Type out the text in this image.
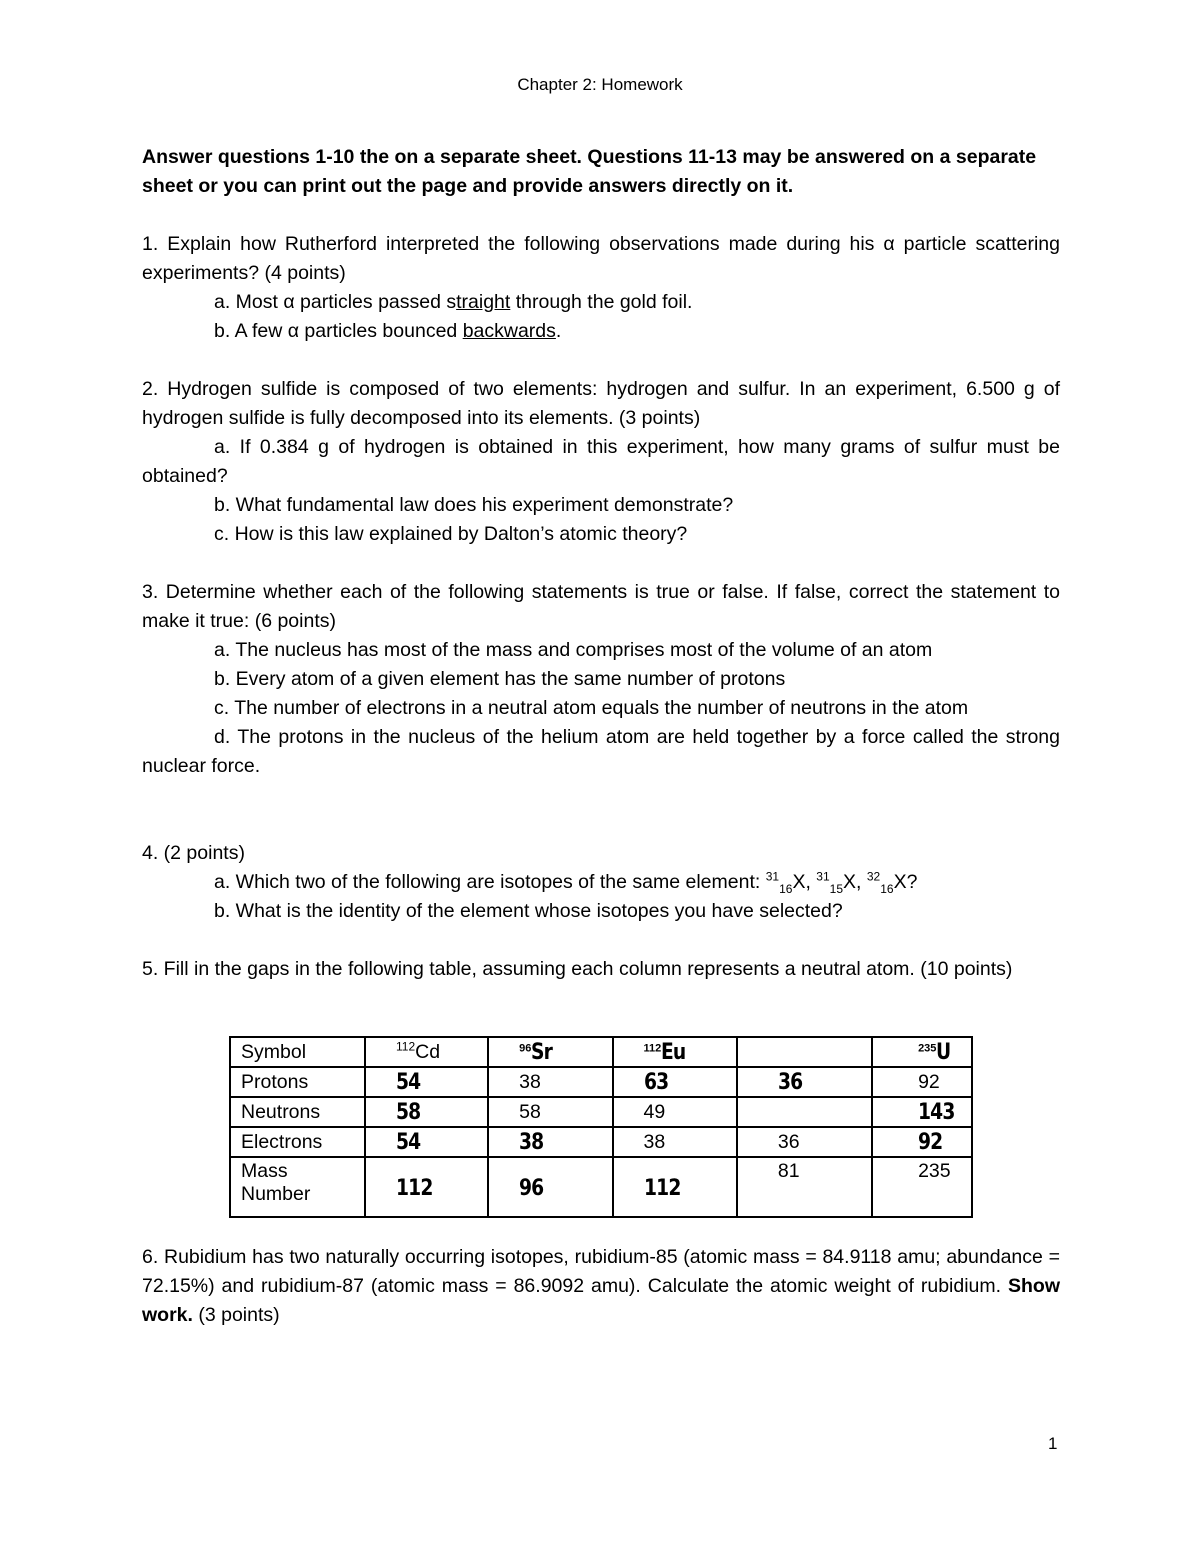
Chapter 2: Homework

Answer questions 1-10 the on a separate sheet. Questions 11-13 may be answered on a separate sheet or you can print out the page and provide answers directly on it.

1. Explain how Rutherford interpreted the following observations made during his α particle scattering experiments? (4 points)

a. Most α particles passed straight through the gold foil.

b. A few α particles bounced backwards.

2. Hydrogen sulfide is composed of two elements: hydrogen and sulfur. In an experiment, 6.500 g of hydrogen sulfide is fully decomposed into its elements. (3 points)

a. If 0.384 g of hydrogen is obtained in this experiment, how many grams of sulfur must be obtained?

b. What fundamental law does his experiment demonstrate?

c. How is this law explained by Dalton’s atomic theory?

3. Determine whether each of the following statements is true or false. If false, correct the statement to make it true: (6 points)

a. The nucleus has most of the mass and comprises most of the volume of an atom

b. Every atom of a given element has the same number of protons

c. The number of electrons in a neutral atom equals the number of neutrons in the atom

d. The protons in the nucleus of the helium atom are held together by a force called the strong nuclear force.

4. (2 points)

a. Which two of the following are isotopes of the same element: $^{31}_{16}$X, $^{31}_{15}$X, $^{32}_{16}$X?

b. What is the identity of the element whose isotopes you have selected?

5. Fill in the gaps in the following table, assuming each column represents a neutral atom. (10 points)

Symbol	$^{112}$Cd	$^{96}$Sr	$^{112}$Eu		$^{235}$U
Protons	54	38	63	36	92
Neutrons	58	58	49		143
Electrons	54	38	38	36	92
Mass Number	112	96	112	81	235

6. Rubidium has two naturally occurring isotopes, rubidium-85 (atomic mass = 84.9118 amu; abundance = 72.15%) and rubidium-87 (atomic mass = 86.9092 amu). Calculate the atomic weight of rubidium. Show work. (3 points)

1
